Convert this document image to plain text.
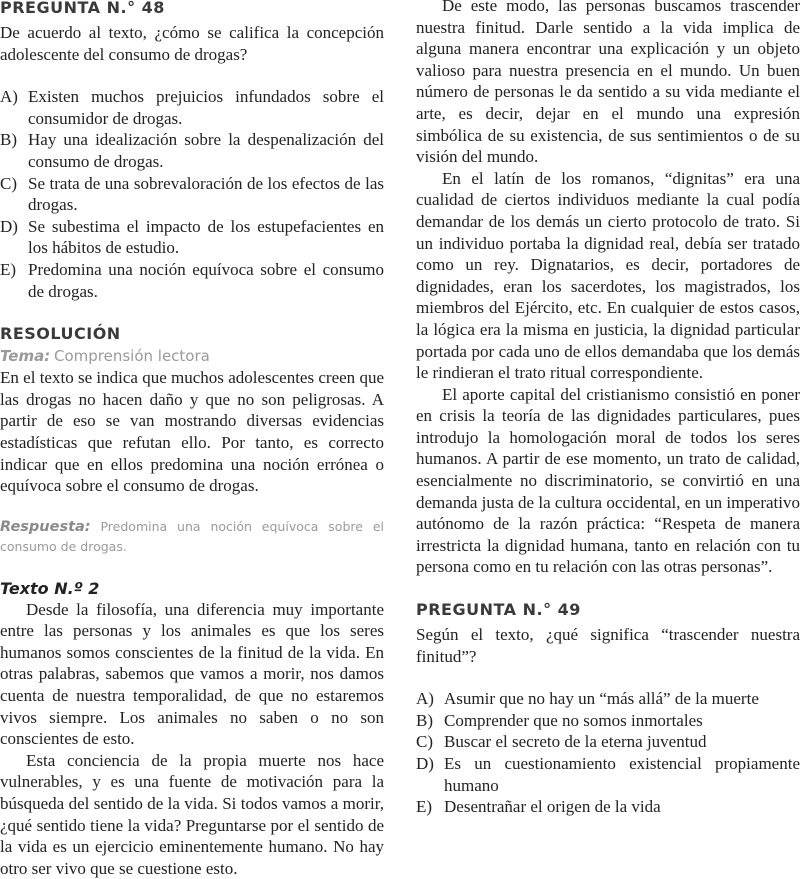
PREGUNTA N.° 48

De acuerdo al texto, ¿cómo se califica la concepción adolescente del consumo de drogas?

A) Existen muchos prejuicios infundados sobre el consumidor de drogas.
B) Hay una idealización sobre la despenalización del consumo de drogas.
C) Se trata de una sobrevaloración de los efectos de las drogas.
D) Se subestima el impacto de los estupefacientes en los hábitos de estudio.
E) Predomina una noción equívoca sobre el consumo de drogas.
RESOLUCIÓN
Tema: Comprensión lectora

En el texto se indica que muchos adolescentes creen que las drogas no hacen daño y que no son peligrosas. A partir de eso se van mostrando diversas evidencias estadísticas que refutan ello. Por tanto, es correcto indicar que en ellos predomina una noción errónea o equívoca sobre el consumo de drogas.

Respuesta: Predomina una noción equívoca sobre el consumo de drogas.
Texto N.º 2

Desde la filosofía, una diferencia muy importante entre las personas y los animales es que los seres humanos somos conscientes de la finitud de la vida. En otras palabras, sabemos que vamos a morir, nos damos cuenta de nuestra temporalidad, de que no estaremos vivos siempre. Los animales no saben o no son conscientes de esto.

Esta conciencia de la propia muerte nos hace vulnerables, y es una fuente de motivación para la búsqueda del sentido de la vida. Si todos vamos a morir, ¿qué sentido tiene la vida? Preguntarse por el sentido de la vida es un ejercicio eminentemente humano. No hay otro ser vivo que se cuestione esto.

De este modo, las personas buscamos trascender nuestra finitud. Darle sentido a la vida implica de alguna manera encontrar una explicación y un objeto valioso para nuestra presencia en el mundo. Un buen número de personas le da sentido a su vida mediante el arte, es decir, dejar en el mundo una expresión simbólica de su existencia, de sus sentimientos o de su visión del mundo.

En el latín de los romanos, “dignitas” era una cualidad de ciertos individuos mediante la cual podía demandar de los demás un cierto protocolo de trato. Si un individuo portaba la dignidad real, debía ser tratado como un rey. Dignatarios, es decir, portadores de dignidades, eran los sacerdotes, los magistrados, los miembros del Ejército, etc. En cualquier de estos casos, la lógica era la misma en justicia, la dignidad particular portada por cada uno de ellos demandaba que los demás le rindieran el trato ritual correspondiente.

El aporte capital del cristianismo consistió en poner en crisis la teoría de las dignidades particulares, pues introdujo la homologación moral de todos los seres humanos. A partir de ese momento, un trato de calidad, esencialmente no discriminatorio, se convirtió en una demanda justa de la cultura occidental, en un imperativo autónomo de la razón práctica: “Respeta de manera irrestricta la dignidad humana, tanto en relación con tu persona como en tu relación con las otras personas”.

PREGUNTA N.° 49

Según el texto, ¿qué significa “trascender nuestra finitud”?

A) Asumir que no hay un “más allá” de la muerte
B) Comprender que no somos inmortales
C) Buscar el secreto de la eterna juventud
D) Es un cuestionamiento existencial propiamente humano
E) Desentrañar el origen de la vida
